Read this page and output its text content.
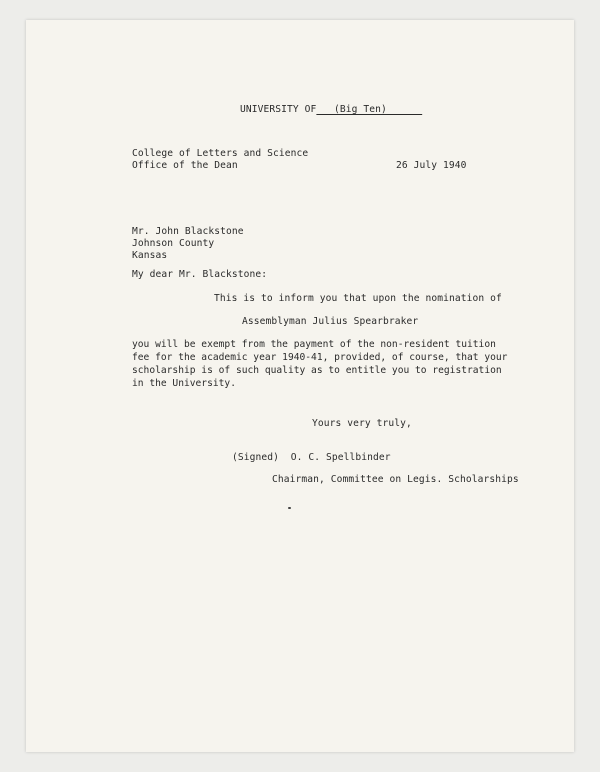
UNIVERSITY OF __(Big Ten)______
College of Letters and Science
Office of the Dean	26 July 1940
Mr. John Blackstone
Johnson County
Kansas
My dear Mr. Blackstone:
This is to inform you that upon the nomination of
Assemblyman Julius Spearbraker
you will be exempt from the payment of the non-resident tuition
fee for the academic year 1940-41, provided, of course, that your
scholarship is of such quality as to entitle you to registration
in the University.
Yours very truly,
(Signed)  O. C. Spellbinder
Chairman, Committee on Legis. Scholarships
